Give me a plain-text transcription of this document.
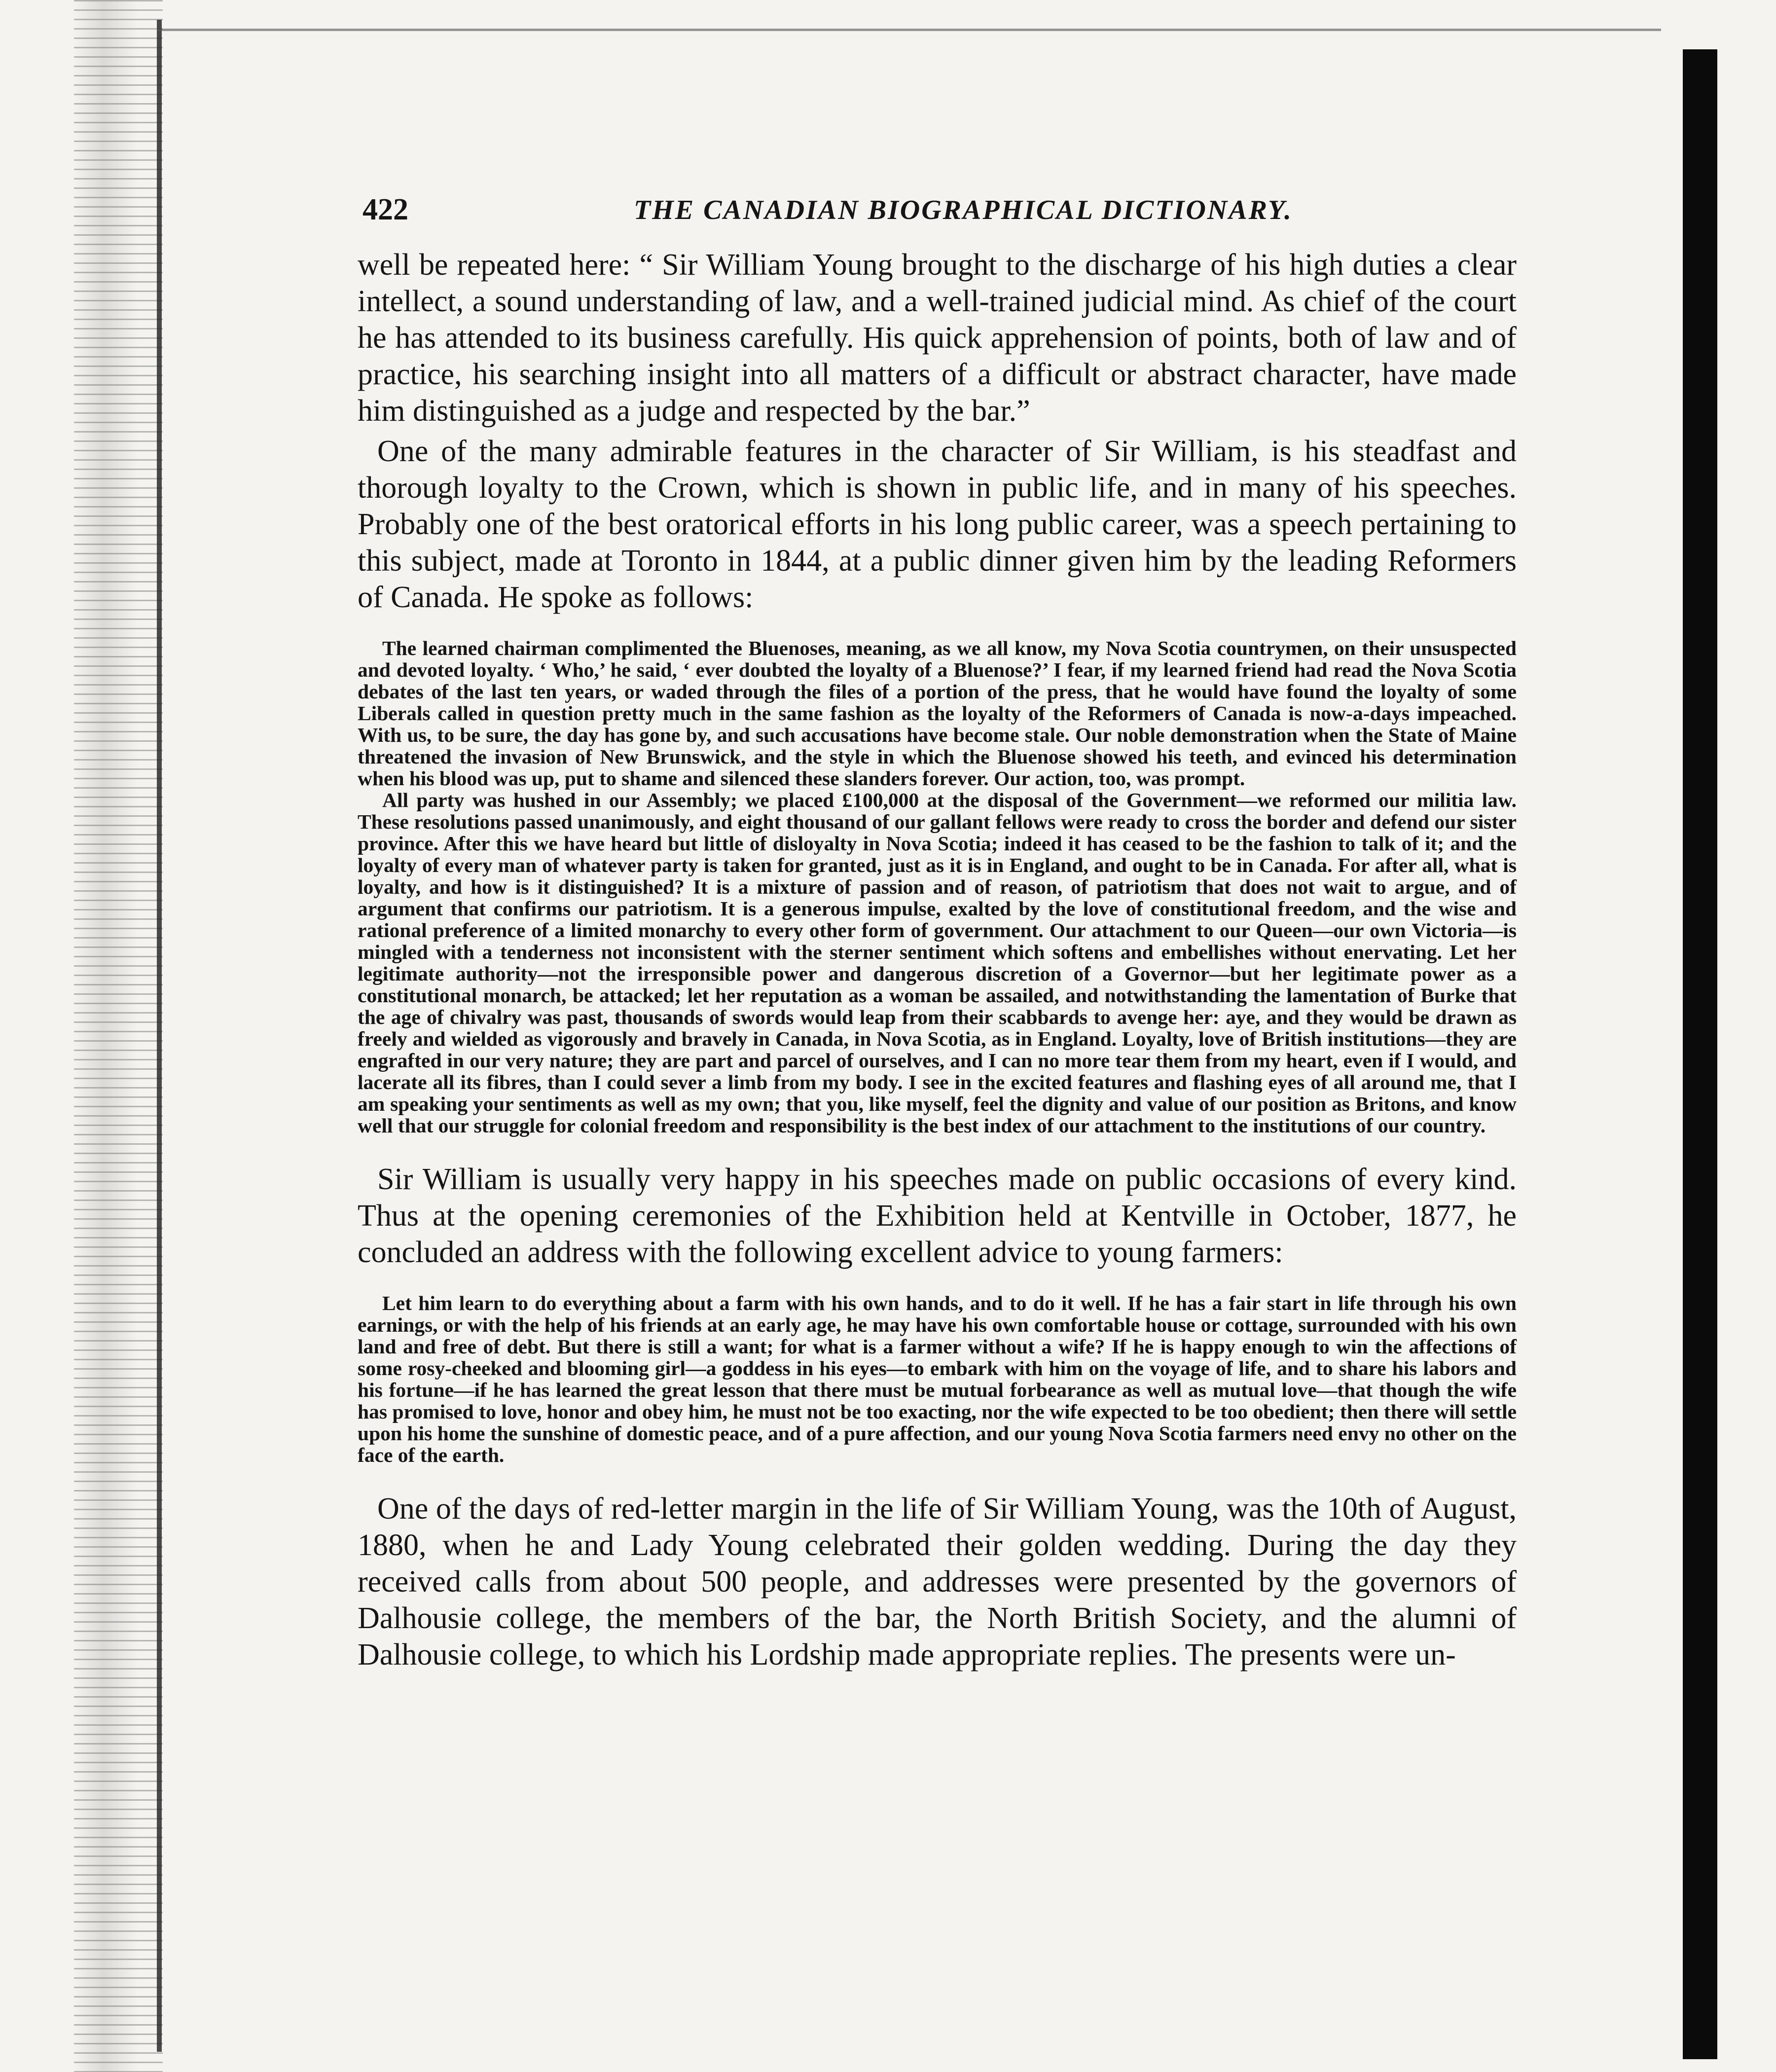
422	THE CANADIAN BIOGRAPHICAL DICTIONARY.

well be repeated here: “ Sir William Young brought to the discharge of his high duties a clear intellect, a sound understanding of law, and a well-trained judicial mind. As chief of the court he has attended to its business carefully. His quick apprehension of points, both of law and of practice, his searching insight into all matters of a difficult or abstract character, have made him distinguished as a judge and respected by the bar.”

One of the many admirable features in the character of Sir William, is his steadfast and thorough loyalty to the Crown, which is shown in public life, and in many of his speeches. Probably one of the best oratorical efforts in his long public career, was a speech pertaining to this subject, made at Toronto in 1844, at a public dinner given him by the leading Reformers of Canada. He spoke as follows:

The learned chairman complimented the Bluenoses, meaning, as we all know, my Nova Scotia countrymen, on their unsuspected and devoted loyalty. ‘ Who,’ he said, ‘ ever doubted the loyalty of a Bluenose?’ I fear, if my learned friend had read the Nova Scotia debates of the last ten years, or waded through the files of a portion of the press, that he would have found the loyalty of some Liberals called in question pretty much in the same fashion as the loyalty of the Reformers of Canada is now-a-days impeached. With us, to be sure, the day has gone by, and such accusations have become stale. Our noble demonstration when the State of Maine threatened the invasion of New Brunswick, and the style in which the Bluenose showed his teeth, and evinced his determination when his blood was up, put to shame and silenced these slanders forever. Our action, too, was prompt.

All party was hushed in our Assembly; we placed £100,000 at the disposal of the Government—we reformed our militia law. These resolutions passed unanimously, and eight thousand of our gallant fellows were ready to cross the border and defend our sister province. After this we have heard but little of disloyalty in Nova Scotia; indeed it has ceased to be the fashion to talk of it; and the loyalty of every man of whatever party is taken for granted, just as it is in England, and ought to be in Canada. For after all, what is loyalty, and how is it distinguished? It is a mixture of passion and of reason, of patriotism that does not wait to argue, and of argument that confirms our patriotism. It is a generous impulse, exalted by the love of constitutional freedom, and the wise and rational preference of a limited monarchy to every other form of government. Our attachment to our Queen—our own Victoria—is mingled with a tenderness not inconsistent with the sterner sentiment which softens and embellishes without enervating. Let her legitimate authority—not the irresponsible power and dangerous discretion of a Governor—but her legitimate power as a constitutional monarch, be attacked; let her reputation as a woman be assailed, and notwithstanding the lamentation of Burke that the age of chivalry was past, thousands of swords would leap from their scabbards to avenge her: aye, and they would be drawn as freely and wielded as vigorously and bravely in Canada, in Nova Scotia, as in England. Loyalty, love of British institutions—they are engrafted in our very nature; they are part and parcel of ourselves, and I can no more tear them from my heart, even if I would, and lacerate all its fibres, than I could sever a limb from my body. I see in the excited features and flashing eyes of all around me, that I am speaking your sentiments as well as my own; that you, like myself, feel the dignity and value of our position as Britons, and know well that our struggle for colonial freedom and responsibility is the best index of our attachment to the institutions of our country.

Sir William is usually very happy in his speeches made on public occasions of every kind. Thus at the opening ceremonies of the Exhibition held at Kentville in October, 1877, he concluded an address with the following excellent advice to young farmers:

Let him learn to do everything about a farm with his own hands, and to do it well. If he has a fair start in life through his own earnings, or with the help of his friends at an early age, he may have his own comfortable house or cottage, surrounded with his own land and free of debt. But there is still a want; for what is a farmer without a wife? If he is happy enough to win the affections of some rosy-cheeked and blooming girl—a goddess in his eyes—to embark with him on the voyage of life, and to share his labors and his fortune—if he has learned the great lesson that there must be mutual forbearance as well as mutual love—that though the wife has promised to love, honor and obey him, he must not be too exacting, nor the wife expected to be too obedient; then there will settle upon his home the sunshine of domestic peace, and of a pure affection, and our young Nova Scotia farmers need envy no other on the face of the earth.

One of the days of red-letter margin in the life of Sir William Young, was the 10th of August, 1880, when he and Lady Young celebrated their golden wedding. During the day they received calls from about 500 people, and addresses were presented by the governors of Dalhousie college, the members of the bar, the North British Society, and the alumni of Dalhousie college, to which his Lordship made appropriate replies. The presents were un-
